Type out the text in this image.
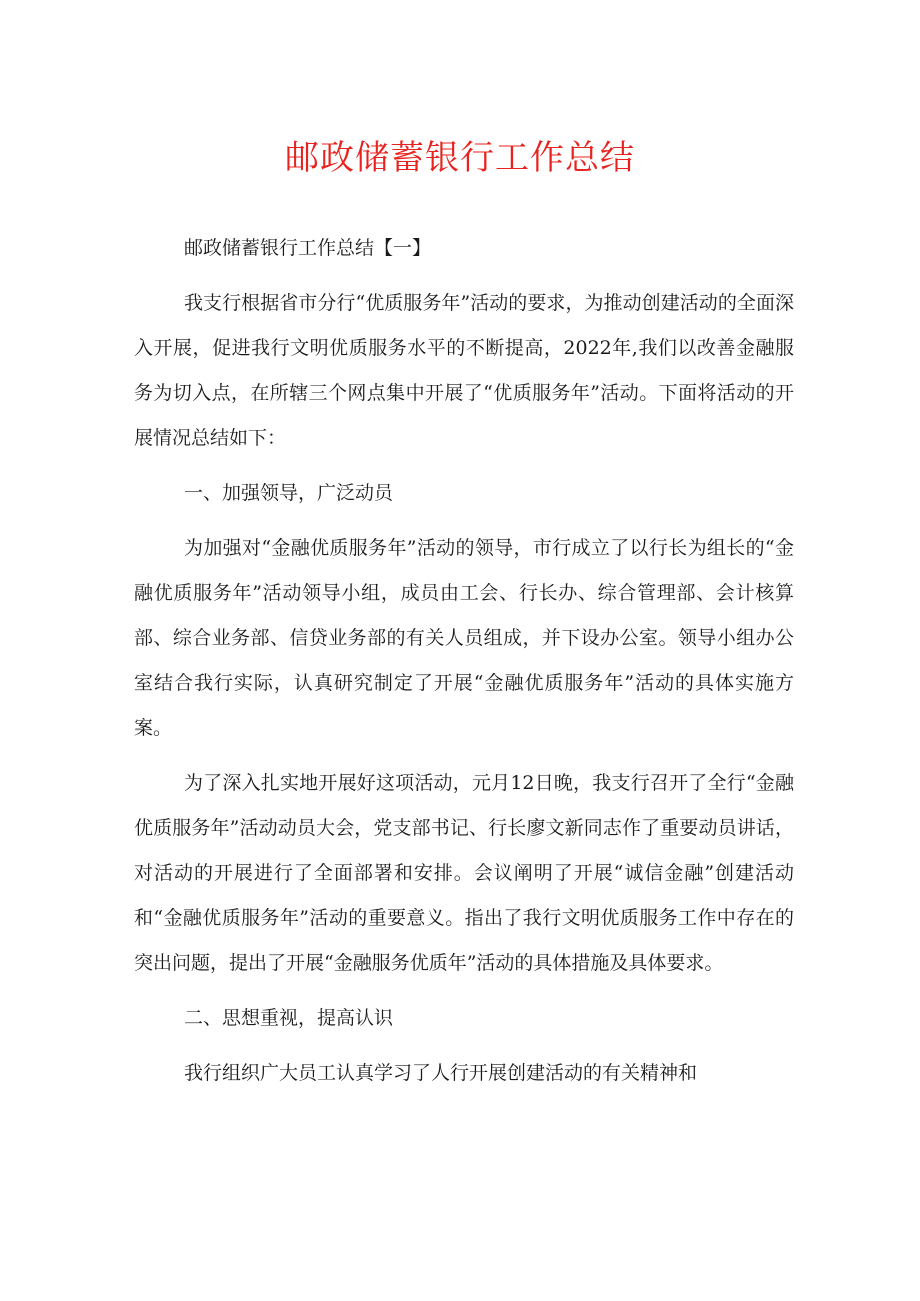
邮政储蓄银行工作总结

邮政储蓄银行工作总结【一】

我支行根据省市分行“优质服务年”活动的要求，为推动创建活动的全面深入开展，促进我行文明优质服务水平的不断提高，2022年,我们以改善金融服务为切入点，在所辖三个网点集中开展了“优质服务年”活动。下面将活动的开展情况总结如下：

一、加强领导，广泛动员

为加强对“金融优质服务年”活动的领导，市行成立了以行长为组长的“金融优质服务年”活动领导小组，成员由工会、行长办、综合管理部、会计核算部、综合业务部、信贷业务部的有关人员组成，并下设办公室。领导小组办公室结合我行实际，认真研究制定了开展“金融优质服务年”活动的具体实施方案。

为了深入扎实地开展好这项活动，元月12日晚，我支行召开了全行“金融优质服务年”活动动员大会，党支部书记、行长廖文新同志作了重要动员讲话，对活动的开展进行了全面部署和安排。会议阐明了开展“诚信金融”创建活动和“金融优质服务年”活动的重要意义。指出了我行文明优质服务工作中存在的突出问题，提出了开展“金融服务优质年”活动的具体措施及具体要求。

二、思想重视，提高认识

我行组织广大员工认真学习了人行开展创建活动的有关精神和
